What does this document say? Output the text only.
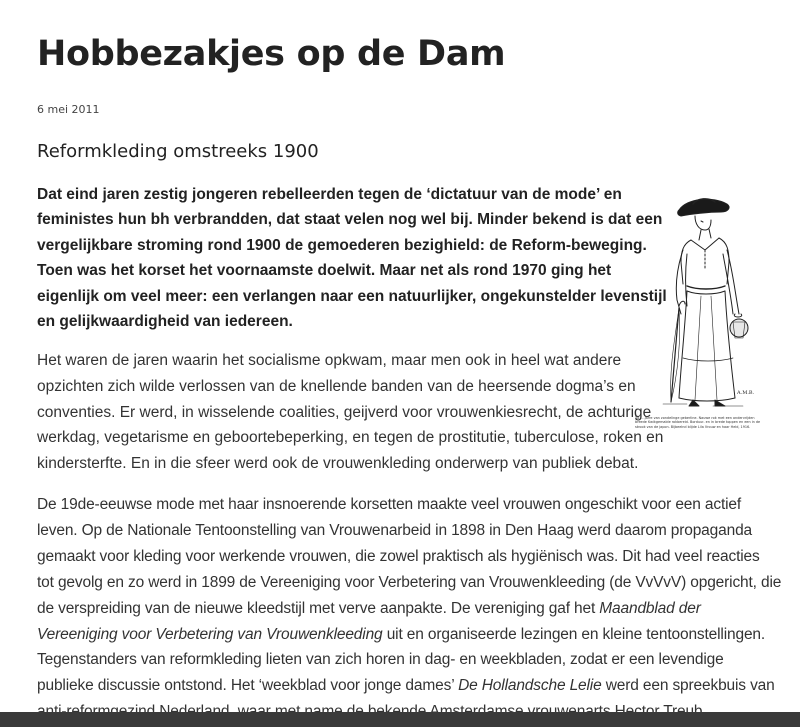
Hobbezakjes op de Dam
6 mei 2011
Reformkleding omstreeks 1900
Dat eind jaren zestig jongeren rebelleerden tegen de ‘dictatuur van de mode’ en
feministes hun bh verbrandden, dat staat velen nog wel bij. Minder bekend is dat een
vergelijkbare stroming rond 1900 de gemoederen bezighield: de Reform-beweging.
Toen was het korset het voornaamste doelwit. Maar net als rond 1970 ging het
eigenlijk om veel meer: een verlangen naar een natuurlijker, ongekunstelder levenstijl
en gelijkwaardigheid van iedereen.
Het waren de jaren waarin het socialisme opkwam, maar men ook in heel wat andere
opzichten zich wilde verlossen van de knellende banden van de heersende dogma’s en
conventies. Er werd, in wisselende coalities, geijverd voor vrouwenkiesrecht, de achturige
werkdag, vegetarisme en geboortebeperking, en tegen de prostitutie, tuberculose, roken en
kindersterfte. En in die sfeer werd ook de vrouwenkleding onderwerp van publiek debat.
De 19de-eeuwse mode met haar insnoerende korsetten maakte veel vrouwen ongeschikt voor een actief
leven. Op de Nationale Tentoonstelling van Vrouwenarbeid in 1898 in Den Haag werd daarom propaganda
gemaakt voor kleding voor werkende vrouwen, die zowel praktisch als hygiënisch was. Dit had veel reacties
tot gevolg en zo werd in 1899 de Vereeniging voor Verbetering van Vrouwenkleeding (de VvVvV) opgericht, die
de verspreiding van de nieuwe kleedstijl met verve aanpakte. De vereniging gaf het Maandblad der
Vereeniging voor Verbetering van Vrouwenkleeding uit en organiseerde lezingen en kleine tentoonstellingen.
Tegenstanders van reformkleding lieten van zich horen in dag- en weekbladen, zodat er een levendige
publieke discussie ontstond. Het ‘weekblad voor jonge dames’ De Hollandsche Lelie werd een spreekbuis van
A.M.B.
58. ...Jarre van zondelinge geberline. Nauwe rok met een ondervrijden breede Kwikgemalde rokbereid. Borduur- en in brede toppen en een in de strook van de japon. Bijbeelnd blijde Lila Vrouw en haar Held, 1916.
